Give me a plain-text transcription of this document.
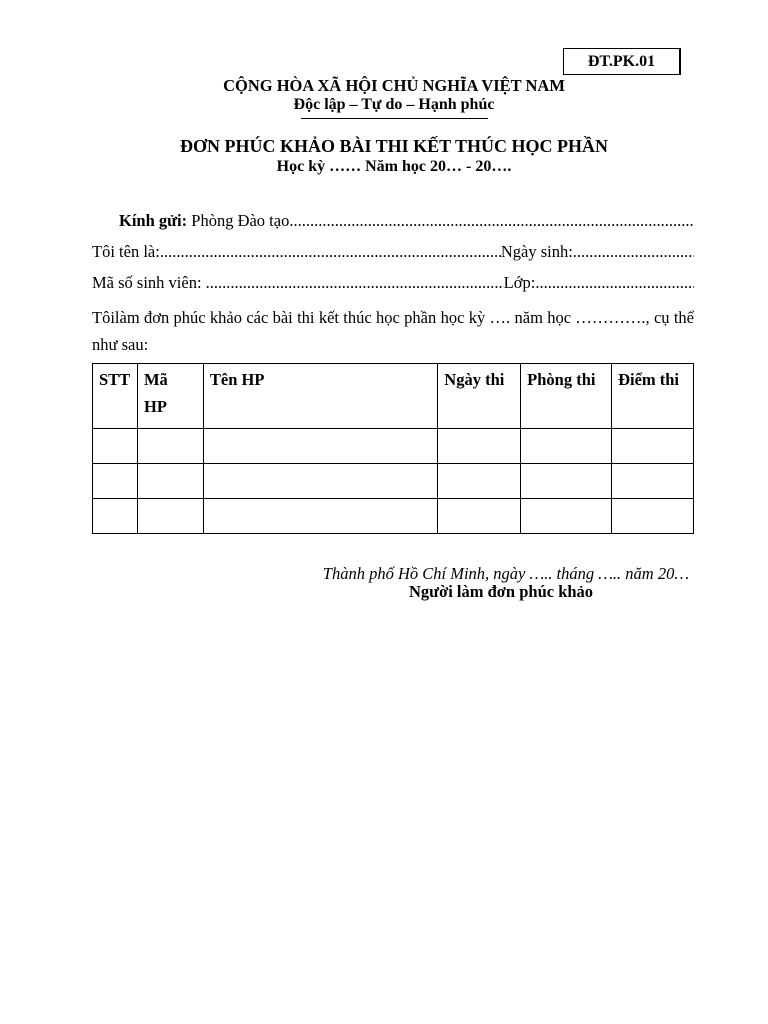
ĐT.PK.01
CỘNG HÒA XÃ HỘI CHỦ NGHĨA VIỆT NAM
Độc lập – Tự do – Hạnh phúc
ĐƠN PHÚC KHẢO BÀI THI KẾT THÚC HỌC PHẦN
Học kỳ …… Năm học 20… - 20….
Kính gửi: Phòng Đào tạo
.....
Tôi tên là: .....	Ngày sinh:
.....
Mã số sinh viên: .....	Lớp:
.....
Tôilàm đơn phúc khảo các bài thi kết thúc học phần học kỳ …. năm học …………., cụ thể như sau:
STT	Mã HP	Tên HP	Ngày thi	Phòng thi	Điểm thi

Thành phố Hồ Chí Minh, ngày ….. tháng ….. năm 20…
Người làm đơn phúc khảo
